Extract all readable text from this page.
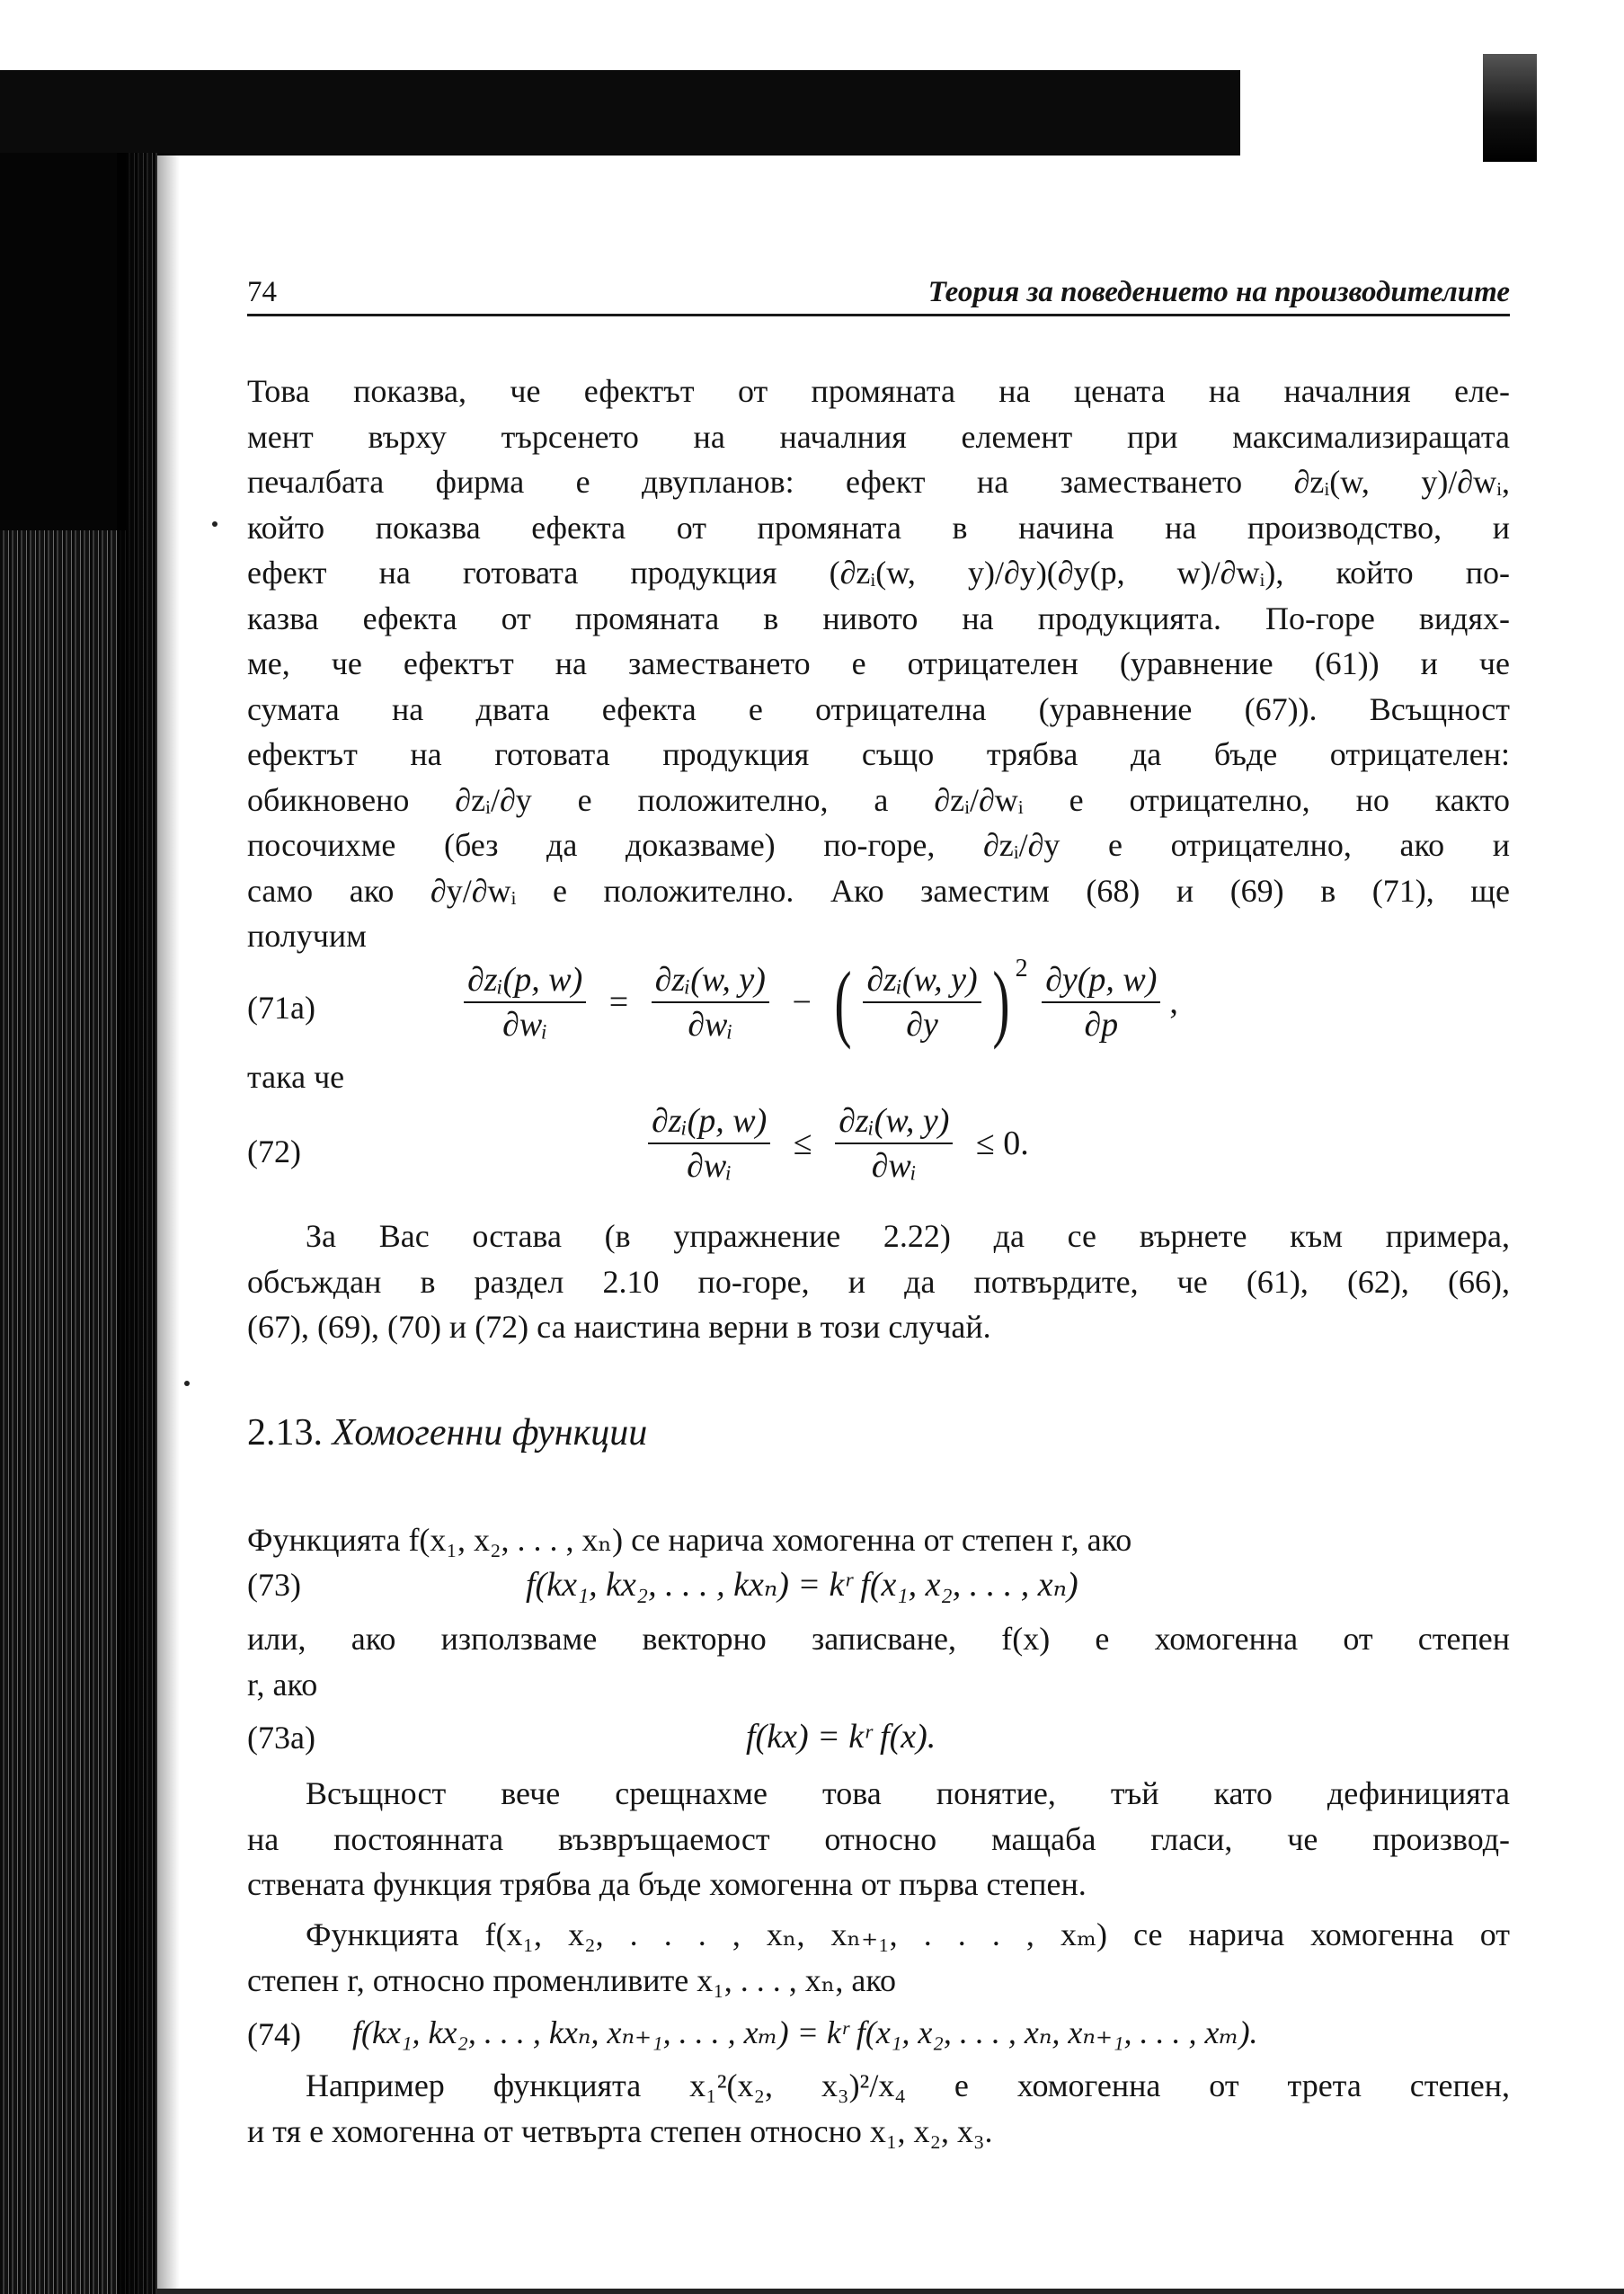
74	Теория за поведението на производителите
Това показва, че ефектът от промяната на цената на началния еле-
мент върху търсенето на началния елемент при максимализиращата
печалбата фирма е двупланов: ефект на заместването ∂zᵢ(w, y)/∂wᵢ,
който показва ефекта от промяната в начина на производство, и
ефект на готовата продукция (∂zᵢ(w, y)/∂y)(∂y(p, w)/∂wᵢ), който по-
казва ефекта от промяната в нивото на продукцията. По-горе видях-
ме, че ефектът на заместването е отрицателен (уравнение (61)) и че
сумата на двата ефекта е отрицателна (уравнение (67)). Всъщност
ефектът на готовата продукция също трябва да бъде отрицателен:
обикновено ∂zᵢ/∂y е положително, а ∂zᵢ/∂wᵢ е отрицателно, но както
посочихме (без да доказваме) по-горе, ∂zᵢ/∂y е отрицателно, ако и
само ако ∂y/∂wᵢ е положително. Ако заместим (68) и (69) в (71), ще
получим
(71a)	$\frac{\text{∂zᵢ(p, w)}}{\text{∂wᵢ}} = \frac{\text{∂zᵢ(w, y)}}{\text{∂wᵢ}}$ − ( $\frac{\text{∂zᵢ(w, y)}}{\partial y}$ ) $^2 \frac{\partial y(p, w)}{\partial p}$ ,
така че
(72)	$\frac{\text{∂zᵢ(p, w)}}{\text{∂wᵢ}} \le \frac{\text{∂zᵢ(w, y)}}{\text{∂wᵢ}} \le 0$.
За Вас остава (в упражнение 2.22) да се върнете към примера,
обсъждан в раздел 2.10 по-горе, и да потвърдите, че (61), (62), (66),
(67), (69), (70) и (72) са наистина верни в този случай.
2.13. Хомогенни функции
Функцията f(x₁, x₂, . . . , xₙ) се нарича хомогенна от степен r, ако
(73)	f(kx₁, kx₂, . . . , kxₙ) = kʳ f(x₁, x₂, . . . , xₙ)
или, ако използваме векторно записване, f(x) е хомогенна от степен
r, ако
(73a)	f(kx) = kʳ f(x).
Всъщност вече срещнахме това понятие, тъй като дефиницията
на постоянната възвръщаемост относно мащаба гласи, че производ-
ствената функция трябва да бъде хомогенна от първа степен.
Функцията f(x₁, x₂, . . . , xₙ, xₙ₊₁, . . . , xₘ) се нарича хомогенна от
степен r, относно променливите x₁, . . . , xₙ, ако
(74) f(kx₁, kx₂, . . . , kxₙ, xₙ₊₁, . . . , xₘ) = kʳ f(x₁, x₂, . . . , xₙ, xₙ₊₁, . . . , xₘ).
Например функцията x₁²(x₂, x₃)²/x₄ е хомогенна от трета степен,
и тя е хомогенна от четвърта степен относно x₁, x₂, x₃.
